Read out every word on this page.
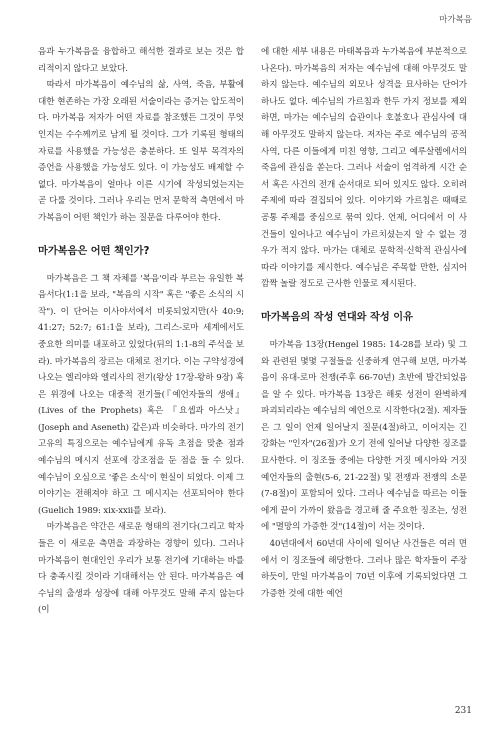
마가복음

음과 누가복음을 융합하고 해석한 결과로 보는 것은 합리적이지 않다고 보았다.

따라서 마가복음이 예수님의 삶, 사역, 죽음, 부활에 대한 현존하는 가장 오래된 서술이라는 증거는 압도적이다. 마가복음 저자가 어떤 자료를 참조했든 그것이 무엇인지는 수수께끼로 남게 될 것이다. 그가 기록된 형태의 자료를 사용했을 가능성은 충분하다. 또 일부 목격자의 증언을 사용했을 가능성도 있다. 이 가능성도 배제할 수 없다. 마가복음이 얼마나 이른 시기에 작성되었는지는 곧 다룰 것이다. 그러나 우리는 먼저 문학적 측면에서 마가복음이 어떤 책인가 하는 질문을 다루어야 한다.

마가복음은 어떤 책인가?

마가복음은 그 책 자체를 '복음'이라 부르는 유일한 복음서다(1:1을 보라, "복음의 시작" 혹은 "좋은 소식의 시작"). 이 단어는 이사야서에서 비롯되었지만(사 40:9; 41:27; 52:7; 61:1을 보라), 그리스-로마 세계에서도 중요한 의미를 내포하고 있었다(뒤의 1:1-8의 주석을 보라). 마가복음의 장르는 대체로 전기다. 이는 구약성경에 나오는 엘리야와 엘리사의 전기(왕상 17장-왕하 9장) 혹은 위경에 나오는 대중적 전기들(『예언자들의 생애』(Lives of the Prophets) 혹은 『요셉과 아스낫』(Joseph and Aseneth) 같은)과 비슷하다. 마가의 전기 고유의 특징으로는 예수님에게 유독 초점을 맞춘 점과 예수님의 메시지 선포에 강조점을 둔 점을 들 수 있다. 예수님이 오심으로 '좋은 소식'이 현실이 되었다. 이제 그 이야기는 전해져야 하고 그 메시지는 선포되어야 한다(Guelich 1989: xix-xxii를 보라).

마가복음은 약간은 새로운 형태의 전기다(그리고 학자들은 이 새로운 측면을 과장하는 경향이 있다). 그러나 마가복음이 현대인인 우리가 보통 전기에 기대하는 바를 다 충족시킬 것이라 기대해서는 안 된다. 마가복음은 예수님의 출생과 성장에 대해 아무것도 말해 주지 않는다(이

에 대한 세부 내용은 마태복음과 누가복음에 부분적으로 나온다). 마가복음의 저자는 예수님에 대해 아무것도 말하지 않는다. 예수님의 외모나 성격을 묘사하는 단어가 하나도 없다. 예수님의 가르침과 한두 가지 정보를 제외하면, 마가는 예수님의 습관이나 호불호나 관심사에 대해 아무것도 말하지 않는다. 저자는 주로 예수님의 공적 사역, 다른 이들에게 미친 영향, 그리고 예루살렘에서의 죽음에 관심을 쏟는다. 그러나 서술이 엄격하게 시간 순서 혹은 사건의 전개 순서대로 되어 있지도 않다. 오히려 주제에 따라 결집되어 있다. 이야기와 가르침은 때때로 공통 주제를 중심으로 묶여 있다. 언제, 어디에서 이 사건들이 일어나고 예수님이 가르치셨는지 알 수 없는 경우가 적지 않다. 마가는 대체로 문학적·신학적 관심사에 따라 이야기를 제시한다. 예수님은 주목할 만한, 심지어 깜짝 놀랄 정도로 근사한 인물로 제시된다.

마가복음의 작성 연대와 작성 이유

마가복음 13장(Hengel 1985: 14-28를 보라) 및 그와 관련된 몇몇 구절들을 신중하게 연구해 보면, 마가복음이 유대-로마 전쟁(주후 66-70년) 초반에 발간되었음을 알 수 있다. 마가복음 13장은 해롯 성전이 완벽하게 파괴되리라는 예수님의 예언으로 시작한다(2절). 제자들은 그 일이 언제 일어날지 질문(4절)하고, 이어지는 긴 강화는 "인자"(26절)가 오기 전에 일어날 다양한 징조를 묘사한다. 이 징조들 중에는 다양한 거짓 메시아와 거짓 예언자들의 출현(5-6, 21-22절) 및 전쟁과 전쟁의 소문(7-8절)이 포함되어 있다. 그러나 예수님을 따르는 이들에게 끝이 가까이 왔음을 경고해 줄 주요한 징조는, 성전에 "멸망의 가증한 것"(14절)이 서는 것이다.

40년대에서 60년대 사이에 일어난 사건들은 여러 면에서 이 징조들에 해당한다. 그러나 많은 학자들이 주장하듯이, 만일 마가복음이 70년 이후에 기록되었다면 그 가증한 것에 대한 예언

231
